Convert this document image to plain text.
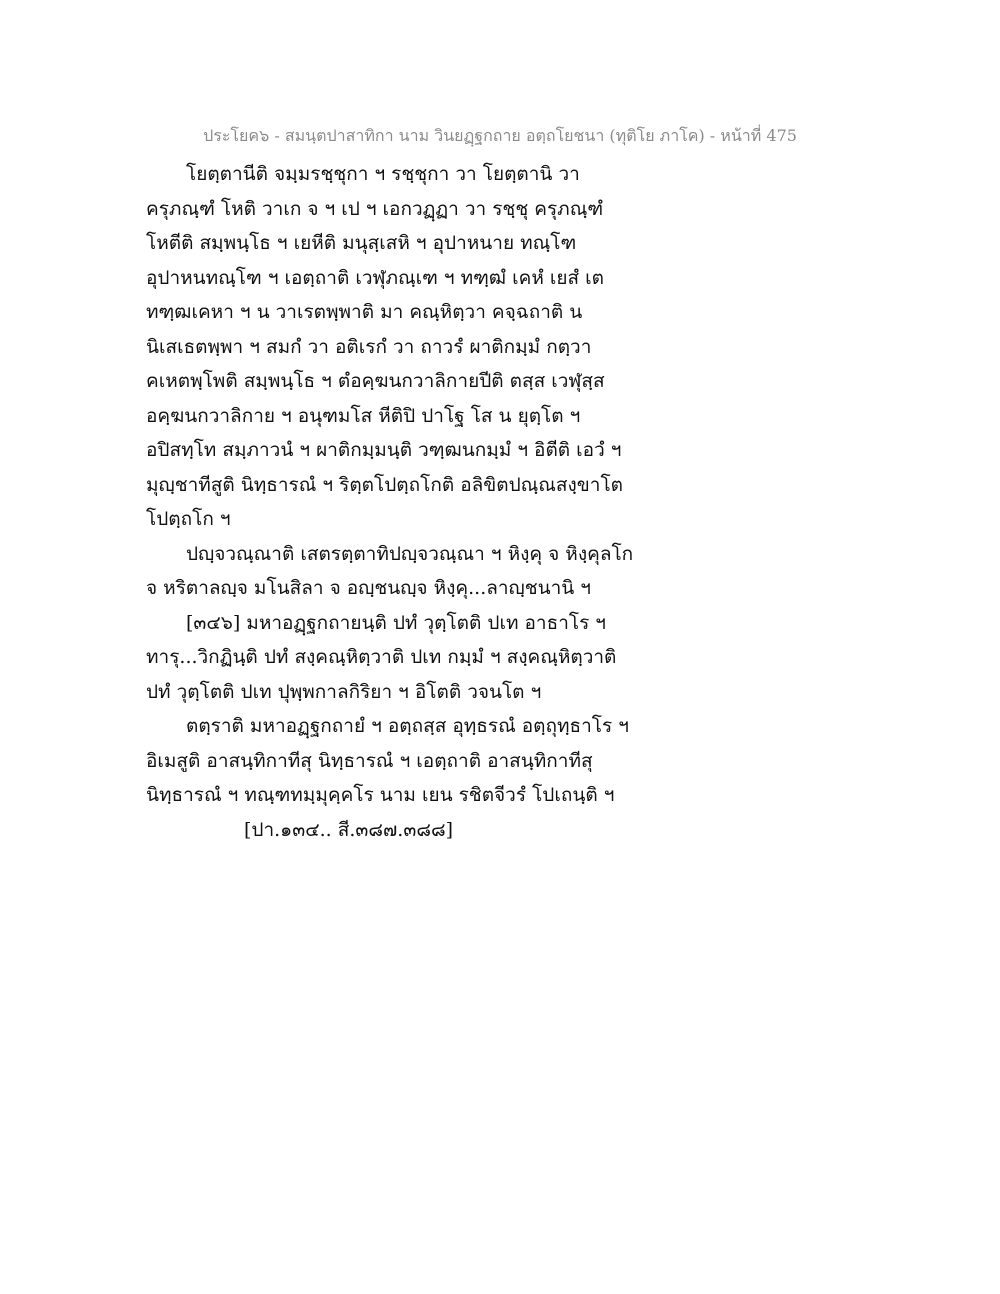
ประโยค๖ - สมนฺตปาสาทิกา นาม วินยฏฺฐกถาย อตฺถโยชนา (ทุติโย ภาโค) - หน้าที่ 475
โยตฺตานีติ จมฺมรชฺชุกา ฯ รชฺชุกา วา โยตฺตานิ วา
ครุภณฺฑํ โหติ วาเก จ ฯ เป ฯ เอกวฏฺฏา วา รชฺชุ ครุภณฺฑํ
โหตีติ สมฺพนฺโธ ฯ เยหีติ มนุสฺเสหิ ฯ อุปาหนาย ทณฺโฑ
อุปาหนทณฺโฑ ฯ เอตฺถาติ เวฬุภณฺเฑ ฯ ทฑฺฒํ เคหํ เยสํ เต
ทฑฺฒเคหา ฯ น วาเรตพฺพาติ มา คณฺหิตฺวา คจฺฉถาติ น
นิเสเธตพฺพา ฯ สมกํ วา อติเรกํ วา ถาวรํ ผาติกมฺมํ กตฺวา
คเหตพฺโพติ สมฺพนฺโธ ฯ ตํอคฺฆนกวาลิกายปีติ ตสฺส เวฬุสฺส
อคฺฆนกวาลิกาย ฯ อนุฑมโส หีติปิ ปาโฐ โส น ยุตฺโต ฯ
อปิสทฺโท สมฺภาวนํ ฯ ผาติกมฺมนฺติ วฑฺฒนกมฺมํ ฯ อิตีติ เอวํ ฯ
มุญฺชาทีสูติ นิทฺธารณํ ฯ ริตฺตโปตฺถโกติ อลิขิตปณฺณสงฺขาโต
โปตฺถโก ฯ
ปญฺจวณฺณาติ เสตรตฺตาทิปญฺจวณฺณา ฯ หิงฺคุ จ หิงฺคุลโก
จ หริตาลญฺจ มโนสิลา จ อญฺชนญฺจ หิงฺคุ...ลาญฺชนานิ ฯ
[๓๔๖] มหาอฏฺฐกถายนฺติ ปทํ วุตฺโตติ ปเท อาธาโร ฯ
ทารุ...วิกฏินฺติ ปทํ สงฺคณฺหิตฺวาติ ปเท กมฺมํ ฯ สงฺคณฺหิตฺวาติ
ปทํ วุตฺโตติ ปเท ปุพฺพกาลกิริยา ฯ อิโตติ วจนโต ฯ
ตตฺราติ มหาอฏฺฐกถายํ ฯ อตฺถสฺส อุทฺธรณํ อตฺถุทฺธาโร ฯ
อิเมสูติ อาสนฺทิกาทีสุ นิทฺธารณํ ฯ เอตฺถาติ อาสนฺทิกาทีสุ
นิทฺธารณํ ฯ ทณฺฑทมฺมุคฺคโร นาม เยน รชิตจีวรํ โปเถนฺติ ฯ
[ปา.๑๓๔.. สี.๓๘๗.๓๘๘]
